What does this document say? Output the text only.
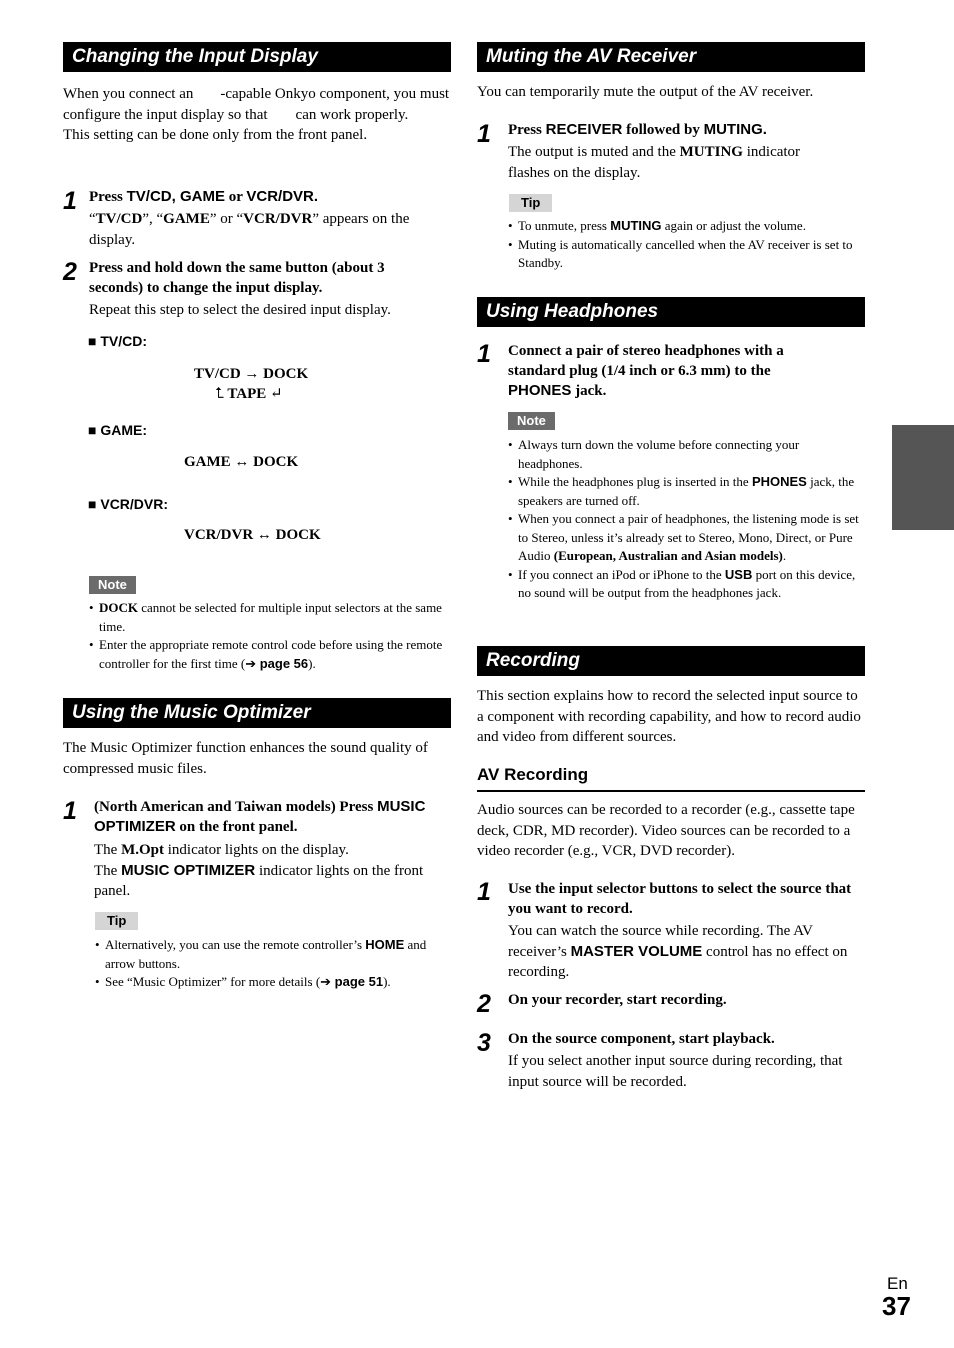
Changing the Input Display
When you connect an -capable Onkyo component, you must configure the input display so that can work properly.
This setting can be done only from the front panel.
1 Press TV/CD, GAME or VCR/DVR.
“TV/CD”, “GAME” or “VCR/DVR” appears on the display.
2 Press and hold down the same button (about 3 seconds) to change the input display.
Repeat this step to select the desired input display.
■ TV/CD:
TV/CD → DOCK
⮤ TAPE ↵
■ GAME:
GAME ↔ DOCK
■ VCR/DVR:
VCR/DVR ↔ DOCK
Note
• DOCK cannot be selected for multiple input selectors at the same time.
• Enter the appropriate remote control code before using the remote controller for the first time (➔ page 56).
Using the Music Optimizer
The Music Optimizer function enhances the sound quality of compressed music files.
1	(North American and Taiwan models) Press MUSIC OPTIMIZER on the front panel.
The M.Opt indicator lights on the display.
The MUSIC OPTIMIZER indicator lights on the front panel.
Tip
• Alternatively, you can use the remote controller’s HOME and arrow buttons.
• See “Music Optimizer” for more details (➔ page 51).
Muting the AV Receiver
You can temporarily mute the output of the AV receiver.
1	Press RECEIVER followed by MUTING.
The output is muted and the MUTING indicator flashes on the display.
Tip
• To unmute, press MUTING again or adjust the volume.
• Muting is automatically cancelled when the AV receiver is set to Standby.
Using Headphones
1	Connect a pair of stereo headphones with a standard plug (1/4 inch or 6.3 mm) to the PHONES jack.
Note
• Always turn down the volume before connecting your headphones.
• While the headphones plug is inserted in the PHONES jack, the speakers are turned off.
• When you connect a pair of headphones, the listening mode is set to Stereo, unless it’s already set to Stereo, Mono, Direct, or Pure Audio (European, Australian and Asian models).
• If you connect an iPod or iPhone to the USB port on this device, no sound will be output from the headphones jack.
Recording
This section explains how to record the selected input source to a component with recording capability, and how to record audio and video from different sources.
AV Recording
Audio sources can be recorded to a recorder (e.g., cassette tape deck, CDR, MD recorder). Video sources can be recorded to a video recorder (e.g., VCR, DVD recorder).
1	Use the input selector buttons to select the source that you want to record.
You can watch the source while recording. The AV receiver’s MASTER VOLUME control has no effect on recording.
2	On your recorder, start recording.
3	On the source component, start playback.
If you select another input source during recording, that input source will be recorded.
En
37
